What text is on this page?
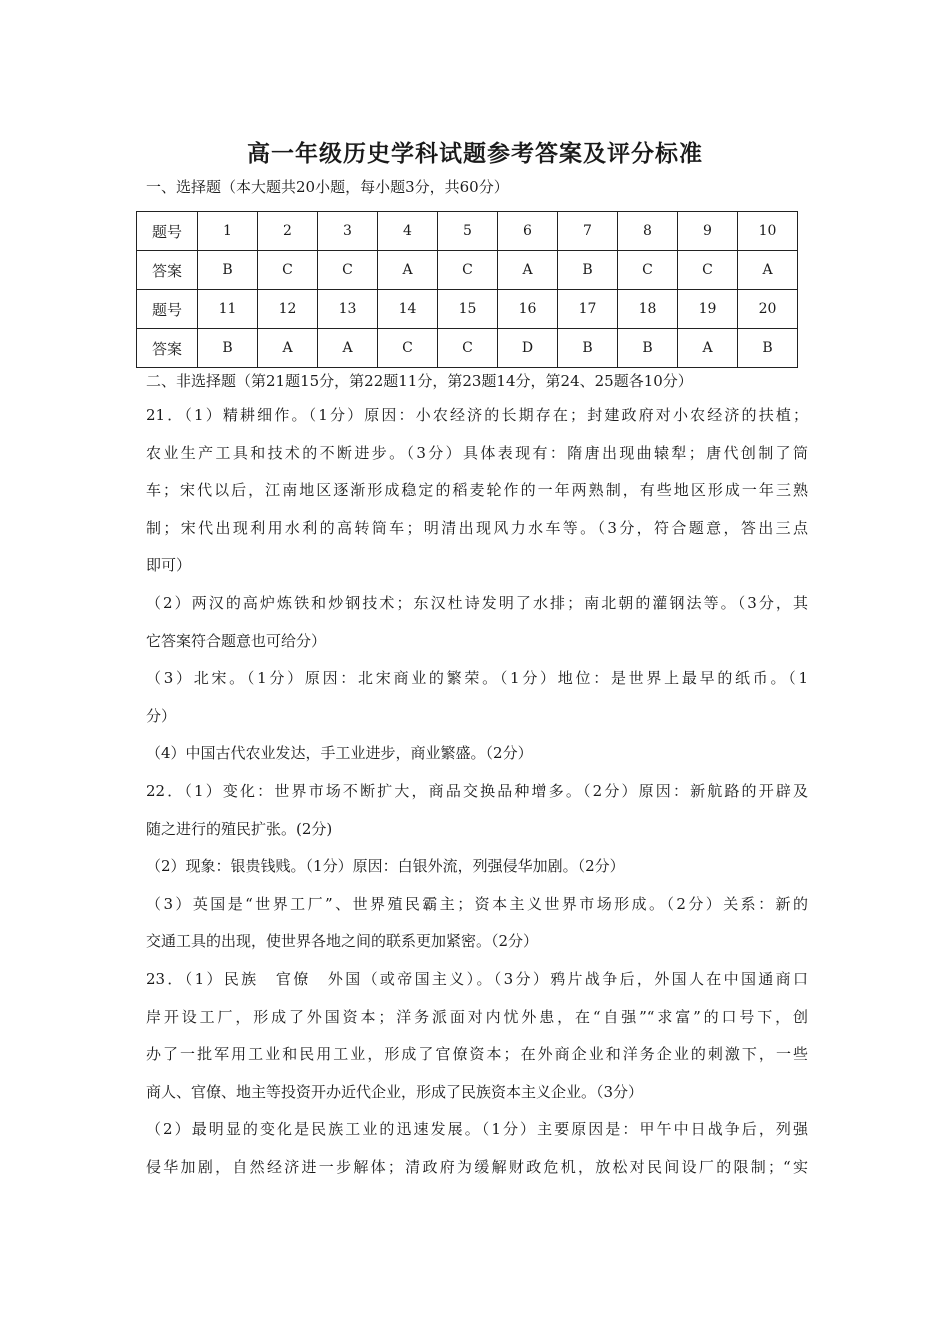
高一年级历史学科试题参考答案及评分标准
一、选择题（本大题共20小题，每小题3分，共60分）
题号	1	2	3	4	5	6	7	8	9	10
答案	B	C	C	A	C	A	B	C	C	A
题号	11	12	13	14	15	16	17	18	19	20
答案	B	A	A	C	C	D	B	B	A	B
二、非选择题（第21题15分，第22题11分，第23题14分，第24、25题各10分）
21．（1）精耕细作。（1分）原因：小农经济的长期存在；封建政府对小农经济的扶植；
农业生产工具和技术的不断进步。（3分）具体表现有：隋唐出现曲辕犁；唐代创制了筒
车；宋代以后，江南地区逐渐形成稳定的稻麦轮作的一年两熟制，有些地区形成一年三熟
制；宋代出现利用水利的高转筒车；明清出现风力水车等。（3分，符合题意，答出三点
即可）
（2）两汉的高炉炼铁和炒钢技术；东汉杜诗发明了水排；南北朝的灌钢法等。（3分，其
它答案符合题意也可给分）
（3）北宋。（1分）原因：北宋商业的繁荣。（1分）地位：是世界上最早的纸币。（1
分）
（4）中国古代农业发达，手工业进步，商业繁盛。（2分）
22．（1）变化：世界市场不断扩大，商品交换品种增多。（2分）原因：新航路的开辟及
随之进行的殖民扩张。(2分)
（2）现象：银贵钱贱。（1分）原因：白银外流，列强侵华加剧。（2分）
（3）英国是“世界工厂”、世界殖民霸主；资本主义世界市场形成。（2分）关系：新的
交通工具的出现，使世界各地之间的联系更加紧密。（2分）
23．（1）民族　官僚　外国（或帝国主义）。（3分）鸦片战争后，外国人在中国通商口
岸开设工厂，形成了外国资本；洋务派面对内忧外患，在“自强”“求富”的口号下，创
办了一批军用工业和民用工业，形成了官僚资本；在外商企业和洋务企业的刺激下，一些
商人、官僚、地主等投资开办近代企业，形成了民族资本主义企业。（3分）
（2）最明显的变化是民族工业的迅速发展。（1分）主要原因是：甲午中日战争后，列强
侵华加剧，自然经济进一步解体；清政府为缓解财政危机，放松对民间设厂的限制；“实
